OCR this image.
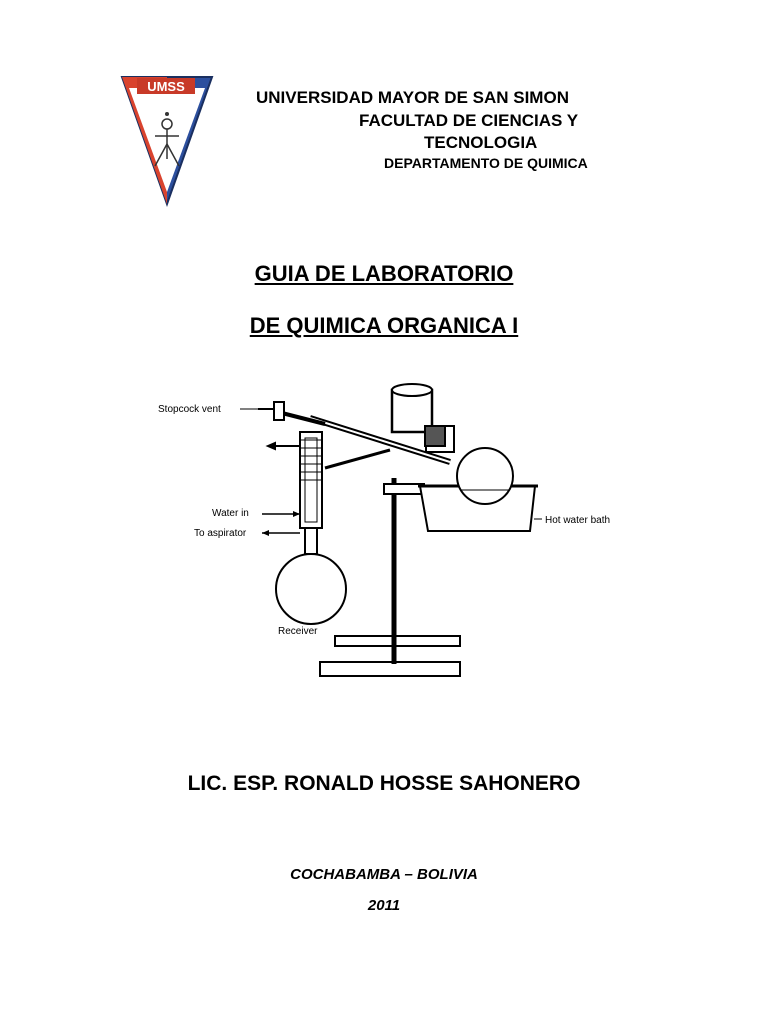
UMSS
UNIVERSIDAD MAYOR DE SAN SIMON
FACULTAD DE CIENCIAS Y
TECNOLOGIA
DEPARTAMENTO DE QUIMICA
GUIA DE LABORATORIO
DE QUIMICA ORGANICA I
Stopcock vent
Water in
To aspirator
Receiver
Hot water bath
LIC. ESP. RONALD HOSSE SAHONERO
COCHABAMBA – BOLIVIA
2011
